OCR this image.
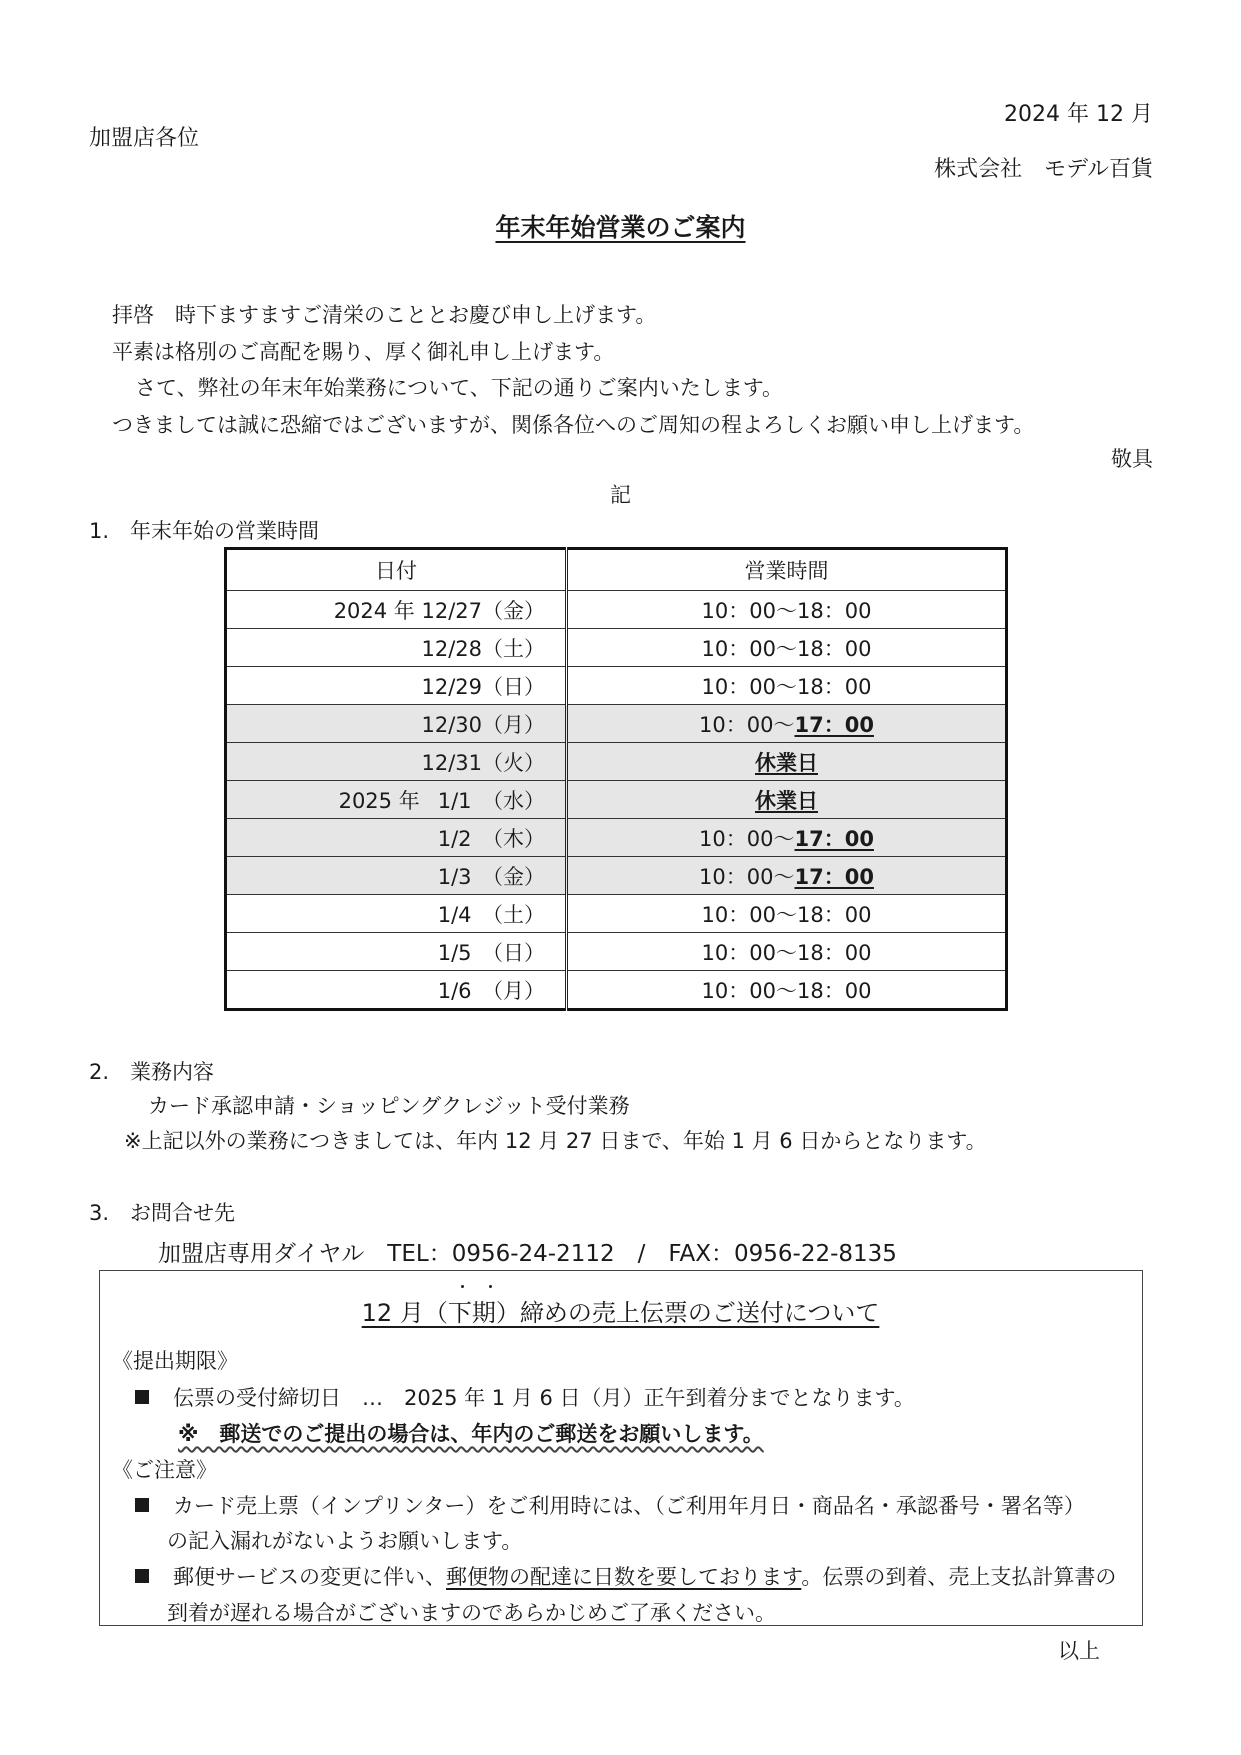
2024 年 12 月
加盟店各位
株式会社　モデル百貨
年末年始営業のご案内
拝啓　時下ますますご清栄のこととお慶び申し上げます。
平素は格別のご高配を賜り、厚く御礼申し上げます。
さて、弊社の年末年始業務について、下記の通りご案内いたします。
つきましては誠に恐縮ではございますが、関係各位へのご周知の程よろしくお願い申し上げます。
敬具
記
1.　年末年始の営業時間
日付	営業時間
2024 年 12/27（金）	10：00～18：00
12/28（土）	10：00～18：00
12/29（日）	10：00～18：00
12/30（月）	10：00～17：00
12/31（火）	休業日
2025 年 1/1　（水）	休業日
1/2　（木）	10：00～17：00
1/3　（金）	10：00～17：00
1/4　（土）	10：00～18：00
1/5　（日）	10：00～18：00
1/6　（月）	10：00～18：00
2.　業務内容
カード承認申請・ショッピングクレジット受付業務
※上記以外の業務につきましては、年内 12 月 27 日まで、年始 1 月 6 日からとなります。
3.　お問合せ先
加盟店専用ダイヤル　TEL：0956-24-2112　/　FAX：0956-22-8135
12 月（下期）締めの売上伝票のご送付について
《提出期限》
伝票の受付締切日　…　2025 年 1 月 6 日（月）正午到着分までとなります。
※　郵送でのご提出の場合は、年内のご郵送をお願いします。
《ご注意》
カード売上票（インプリンター）をご利用時には、（ご利用年月日・商品名・承認番号・署名等）
の記入漏れがないようお願いします。
郵便サービスの変更に伴い、郵便物の配達に日数を要しております。伝票の到着、売上支払計算書の
到着が遅れる場合がございますのであらかじめご了承ください。
以上
